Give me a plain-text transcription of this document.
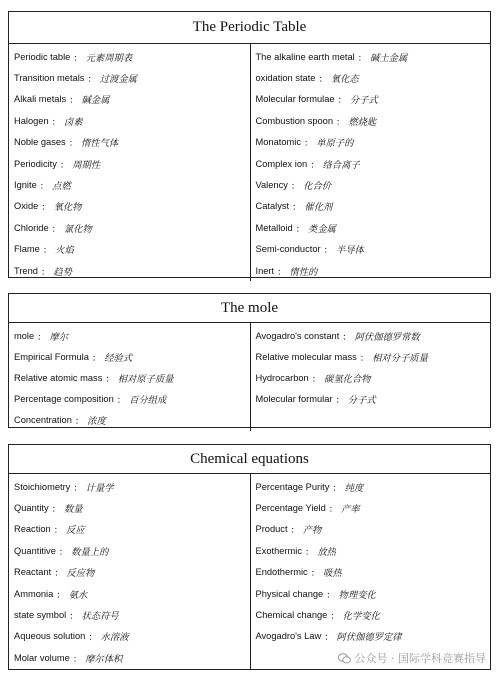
The Periodic Table
Periodic table ： 元素周期表
Transition metals ： 过渡金属
Alkali metals ： 碱金属
Halogen ： 卤素
Noble gases ： 惰性气体
Periodicity ： 周期性
Ignite ： 点燃
Oxide ： 氧化物
Chloride ： 氯化物
Flame ： 火焰
Trend ： 趋势
The alkaline earth metal ： 碱土金属
oxidation state ： 氧化态
Molecular formulae ： 分子式
Combustion spoon ： 燃烧匙
Monatomic ： 单原子的
Complex ion ： 络合离子
Valency ： 化合价
Catalyst ： 催化剂
Metalloid ： 类金属
Semi-conductor ： 半导体
Inert ： 惰性的
The mole
mole ： 摩尔
Empirical Formula ： 经验式
Relative atomic mass ： 相对原子质量
Percentage composition ： 百分组成
Concentration ： 浓度
Avogadro's constant ： 阿伏伽德罗常数
Relative molecular mass ： 相对分子质量
Hydrocarbon ： 碳氢化合物
Molecular formular ： 分子式
Chemical equations
Stoichiometry ： 计量学
Quantity ： 数量
Reaction ： 反应
Quantitive ： 数量上的
Reactant ： 反应物
Ammonia ： 氨水
state symbol ： 状态符号
Aqueous solution ： 水溶液
Molar volume ： 摩尔体积
Percentage Purity ： 纯度
Percentage Yield ： 产率
Product ： 产物
Exothermic ： 放热
Endothermic ： 吸热
Physical change ： 物理变化
Chemical change ： 化学变化
Avogadro's Law ： 阿伏伽德罗定律
公众号 · 国际学科竞赛指导
